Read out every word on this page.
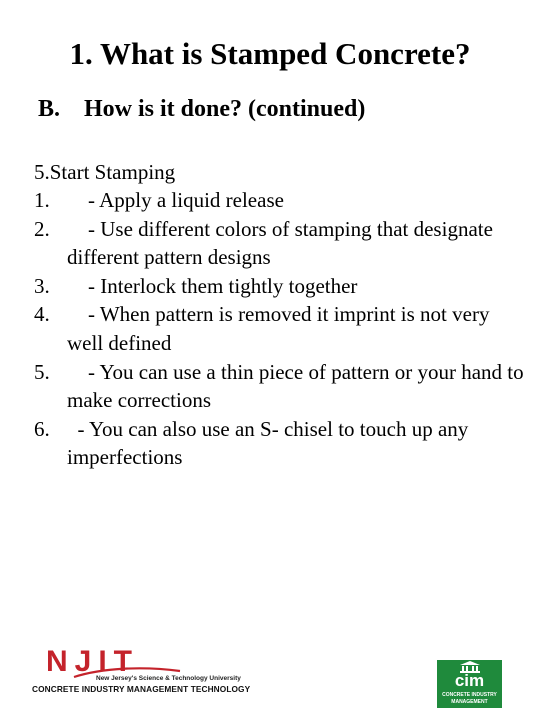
1. What is Stamped Concrete?
B. How is it done? (continued)
5.Start Stamping
1. - Apply a liquid release
2. - Use different colors of stamping that designate different pattern designs
3. - Interlock them tightly together
4. - When pattern is removed it imprint is not very well defined
5. - You can use a thin piece of pattern or your hand to make corrections
6. - You can also use an S- chisel to touch up any imperfections
NJIT
New Jersey's Science & Technology University
CONCRETE INDUSTRY MANAGEMENT TECHNOLOGY	cim
CONCRETE INDUSTRY
MANAGEMENT
